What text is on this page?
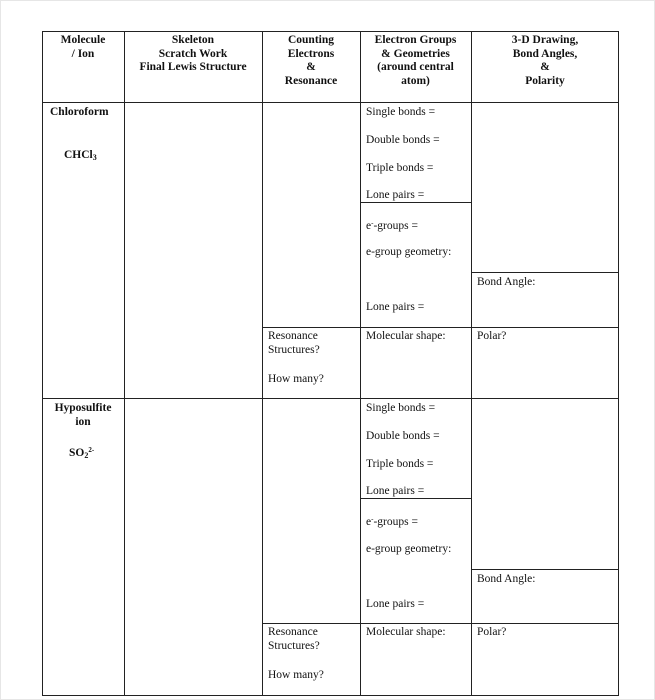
Molecule
/ Ion
Skeleton
Scratch Work
Final Lewis Structure
Counting
Electrons
&
Resonance
Electron Groups
& Geometries
(around central
atom)
3-D Drawing,
Bond Angles,
&
Polarity
Chloroform
CHCl$_3$
Single bonds =
Double bonds =
Triple bonds =
Lone pairs =
e--groups =
e-group geometry:
Lone pairs =
Molecular shape:
Bond Angle:
Polar?
Resonance
Structures?
How many?
Hyposulfite
ion
$SO_2^{2-}$
Single bonds =
Double bonds =
Triple bonds =
Lone pairs =
e--groups =
e-group geometry:
Lone pairs =
Molecular shape:
Bond Angle:
Polar?
Resonance
Structures?
How many?
